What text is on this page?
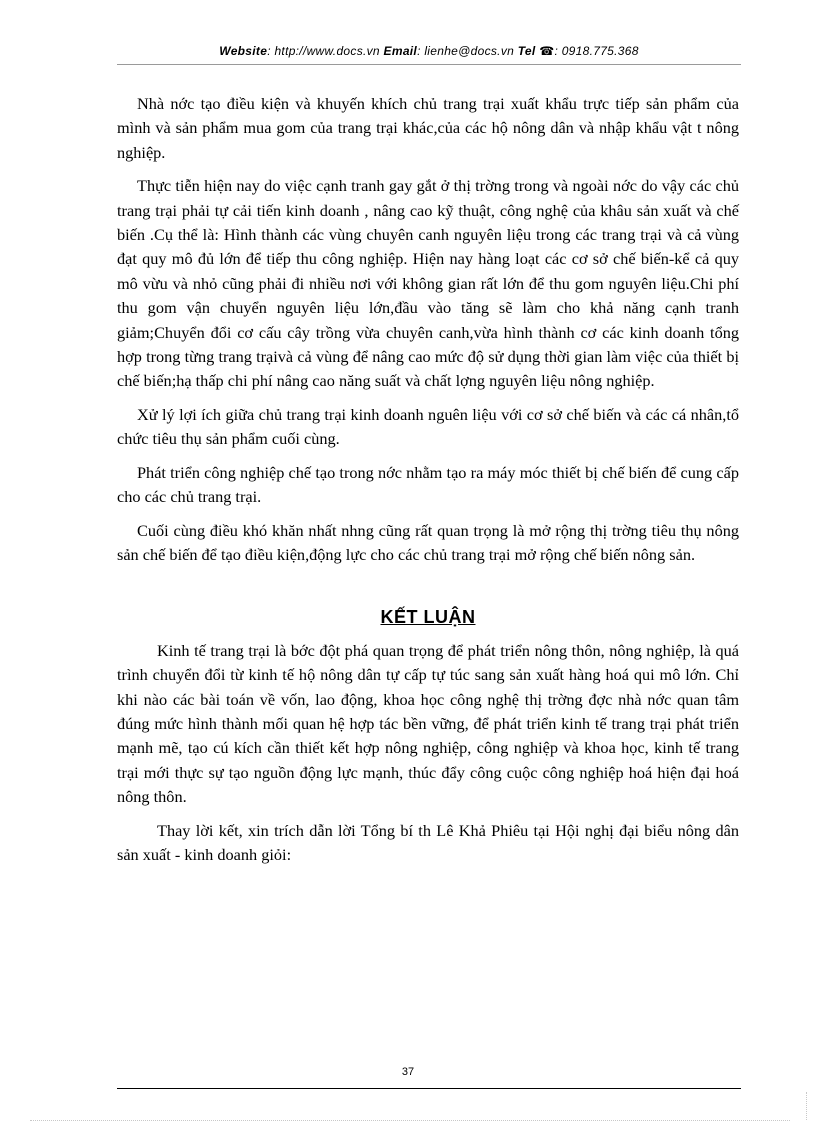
Website: http://www.docs.vn Email: lienhe@docs.vn Tel ☎: 0918.775.368

Nhà nớc tạo điều kiện và khuyến khích chủ trang trại xuất khẩu trực tiếp sản phẩm của mình và sản phẩm mua gom của trang trại khác,của các hộ nông dân và nhập khẩu vật t nông nghiệp.

Thực tiễn hiện nay do việc cạnh tranh gay gắt ở thị trờng trong và ngoài nớc do vậy các chủ trang trại phải tự cải tiến kinh doanh , nâng cao kỹ thuật, công nghệ của khâu sản xuất và chế biến .Cụ thể là: Hình thành các vùng chuyên canh nguyên liệu trong các trang trại và cả vùng đạt quy mô đủ lớn để tiếp thu công nghiệp. Hiện nay hàng loạt các cơ sở chế biến-kể cả quy mô vừu và nhỏ cũng phải đi nhiều nơi với không gian rất lớn để thu gom nguyên liệu.Chi phí thu gom vận chuyển nguyên liệu lớn,đầu vào tăng sẽ làm cho khả năng cạnh tranh giảm;Chuyển đổi cơ cấu cây trồng vừa chuyên canh,vừa hình thành cơ các kinh doanh tổng hợp trong từng trang trạivà cả vùng để nâng cao mức độ sử dụng thời gian làm việc của thiết bị chế biến;hạ thấp chi phí nâng cao năng suất và chất lợng nguyên liệu nông nghiệp.

Xử lý lợi ích giữa chủ trang trại kinh doanh nguên liệu với cơ sở chế biến và các cá nhân,tổ chức tiêu thụ sản phẩm cuối cùng.

Phát triển công nghiệp chế tạo trong nớc nhằm tạo ra máy móc thiết bị chế biến để cung cấp cho các chủ trang trại.

Cuối cùng điều khó khăn nhất nhng cũng rất quan trọng là mở rộng thị trờng tiêu thụ nông sản chế biến để tạo điều kiện,động lực cho các chủ trang trại mở rộng chế biến nông sản.

KẾT LUẬN

Kinh tế trang trại là bớc đột phá quan trọng để phát triển nông thôn, nông nghiệp, là quá trình chuyển đổi từ kinh tế hộ nông dân tự cấp tự túc sang sản xuất hàng hoá qui mô lớn. Chỉ khi nào các bài toán về vốn, lao động, khoa học công nghệ thị trờng đợc nhà nớc quan tâm đúng mức hình thành mối quan hệ hợp tác bền vững, để phát triển kinh tế trang trại phát triển mạnh mẽ, tạo cú kích cần thiết kết hợp nông nghiệp, công nghiệp và khoa học, kinh tế trang trại mới thực sự tạo nguồn động lực mạnh, thúc đẩy công cuộc công nghiệp hoá hiện đại hoá nông thôn.

Thay lời kết, xin trích dẫn lời Tổng bí th Lê Khả Phiêu tại Hội nghị đại biểu nông dân sản xuất - kinh doanh giỏi:

37
